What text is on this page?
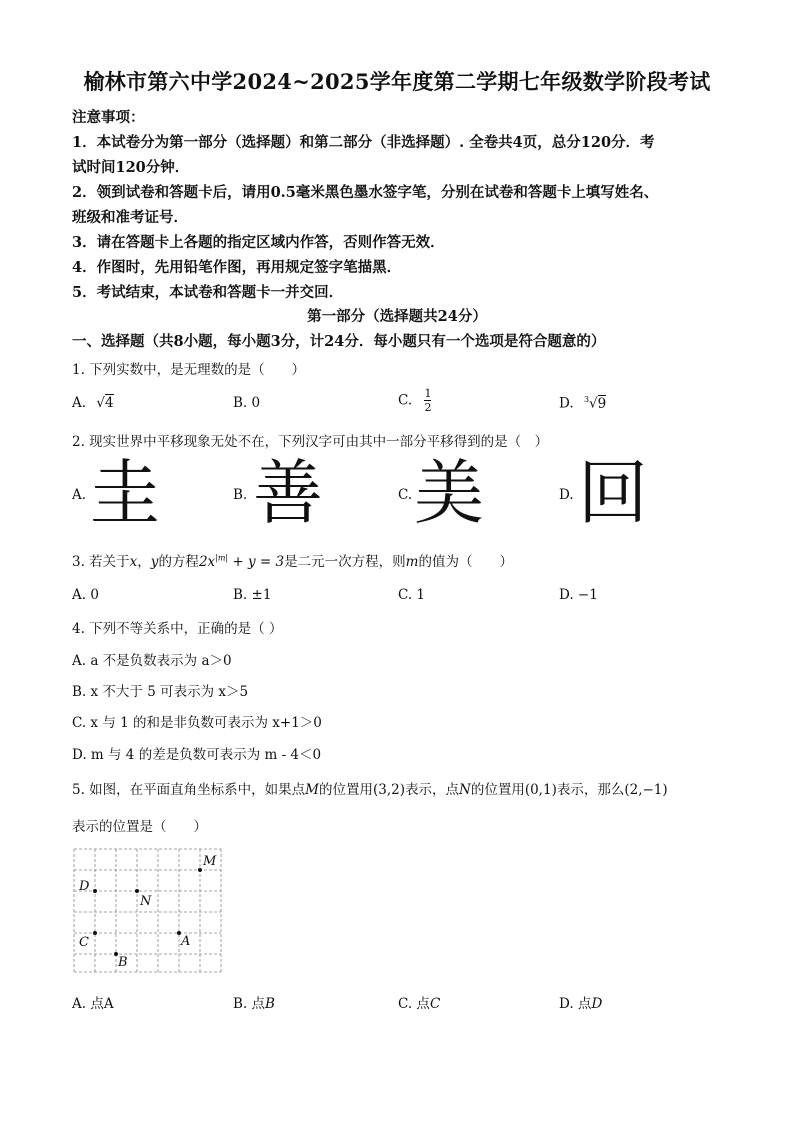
榆林市第六中学2024~2025学年度第二学期七年级数学阶段考试
注意事项：
1．本试卷分为第一部分（选择题）和第二部分（非选择题）. 全卷共4页，总分120分．考
试时间120分钟．
2．领到试卷和答题卡后，请用0.5毫米黑色墨水签字笔，分别在试卷和答题卡上填写姓名、
班级和准考证号．
3．请在答题卡上各题的指定区域内作答，否则作答无效．
4．作图时，先用铅笔作图，再用规定签字笔描黑．
5．考试结束，本试卷和答题卡一并交回．
第一部分（选择题共24分）
一、选择题（共8小题，每小题3分，计24分．每小题只有一个选项是符合题意的）
1. 下列实数中，是无理数的是（　　）
A. √4	B. 0	C. $\frac{1}{2}$	D. $^3$√9
2. 现实世界中平移现象无处不在，下列汉字可由其中一部分平移得到的是（　）
A. 圭	B. 善	C. 美	D. 回
3. 若关于x，y的方程$2x^{|m|} + y = 3$是二元一次方程，则m的值为（　　）
A. 0	B. ±1	C. 1	D. −1
4. 下列不等关系中，正确的是（ ）
A. a 不是负数表示为 a＞0
B. x 不大于 5 可表示为 x＞5
C. x 与 1 的和是非负数可表示为 x+1＞0
D. m 与 4 的差是负数可表示为 m - 4＜0
5. 如图，在平面直角坐标系中，如果点M的位置用(3,2)表示，点N的位置用(0,1)表示，那么(2,−1)
表示的位置是（　　）
M
D
N
C	A
B
A. 点A	B. 点B	C. 点C	D. 点D
